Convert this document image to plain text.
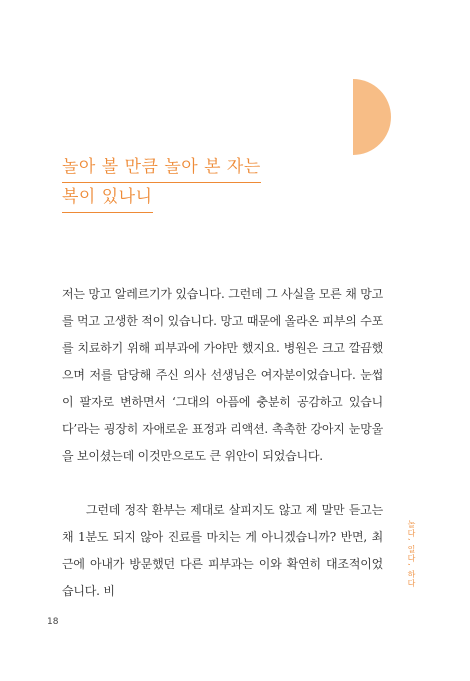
놀아 볼 만큼 놀아 본 자는
복이 있나니

저는 망고 알레르기가 있습니다. 그런데 그 사실을 모른 채 망고를 먹고 고생한 적이 있습니다. 망고 때문에 올라온 피부의 수포를 치료하기 위해 피부과에 가야만 했지요. 병원은 크고 깔끔했으며 저를 담당해 주신 의사 선생님은 여자분이었습니다. 눈썹이 팔자로 변하면서 ‘그대의 아픔에 충분히 공감하고 있습니다’라는 굉장히 자애로운 표정과 리액션. 촉촉한 강아지 눈망울을 보이셨는데 이것만으로도 큰 위안이 되었습니다.

그런데 정작 환부는 제대로 살피지도 않고 제 말만 듣고는 채 1분도 되지 않아 진료를 마치는 게 아니겠습니까? 반면, 최근에 아내가 방문했던 다른 피부과는 이와 확연히 대조적이었습니다. 비

놀다, 일다, 하다
18
